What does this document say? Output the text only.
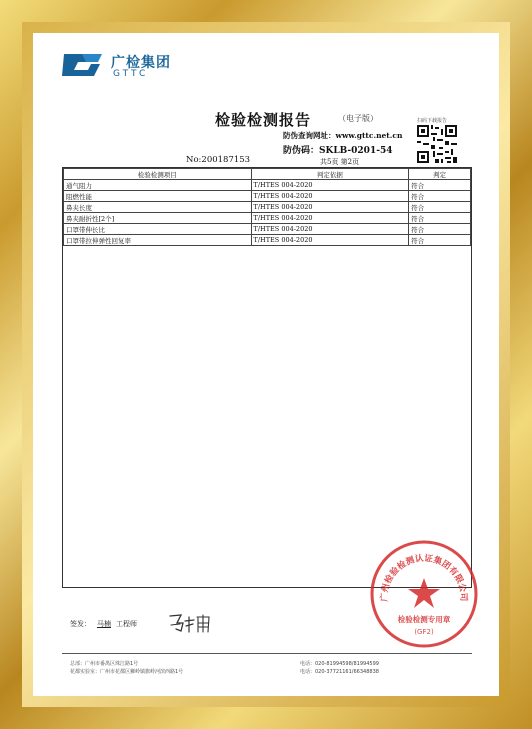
广检集团
GTTC
检验检测报告	（电子版）
防伪查询网址：www.gttc.net.cn
防伪码：SKLB-0201-54
扫码下载报告
No:200187153	共5页 第2页
检验检测项目	判定依据	判定
通气阻力	T/HTES 004-2020	符合
阻燃性能	T/HTES 004-2020	符合
鼻夹长度	T/HTES 004-2020	符合
鼻夹耐折性[2个]	T/HTES 004-2020	符合
口罩带伸长比	T/HTES 004-2020	符合
口罩带拉伸弹性回复率	T/HTES 004-2020	符合
签发： 马楠 工程师
总部：广州市番禺区珠江路1号
花都实验室：广州市花都区狮岭镇旗岭河滨西路1号
电话：020-81994598/81994599
电话：020-37721161/66348838
广州检验检测认证集团有限公司
检验检测专用章
(GF2)
